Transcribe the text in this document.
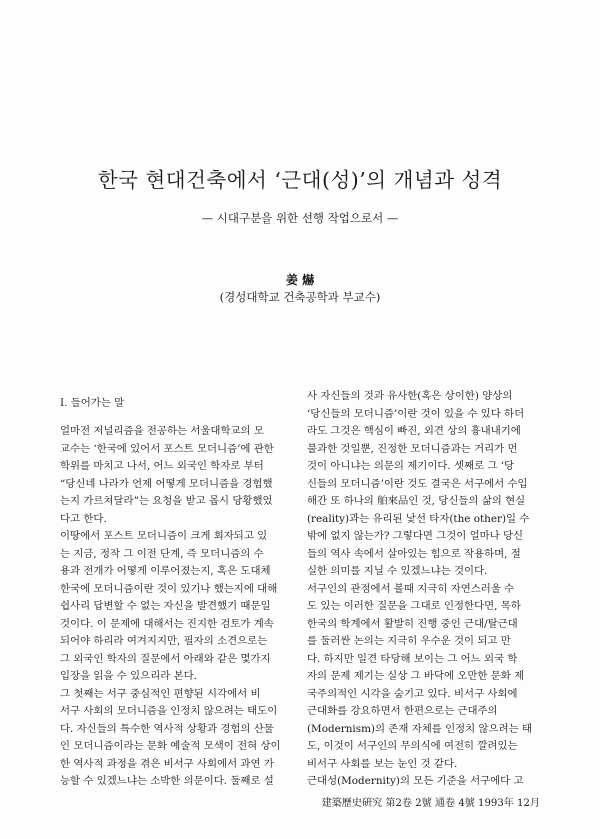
한국 현대건축에서 ‘근대(성)’의 개념과 성격
— 시대구분을 위한 선행 작업으로서 —
姜 爀
(경성대학교 건축공학과 부교수)
I. 들어가는 말
얼마전 저널리즘을 전공하는 서울대학교의 모
교수는 ‘한국에 있어서 포스트 모더니즘’에 관한
학위를 마치고 나서, 어느 외국인 학자로 부터
“당신네 나라가 언제 어떻게 모더니즘을 경험했
는지 가르쳐달라”는 요청을 받고 몹시 당황했었
다고 한다.
이땅에서 포스트 모더니즘이 크게 회자되고 있
는 지금, 정작 그 이전 단계, 즉 모더니즘의 수
용과 전개가 어떻게 이루어졌는지, 혹은 도대체
한국에 모더니즘이란 것이 있기나 했는지에 대해
쉽사리 답변할 수 없는 자신을 발견했기 때문일
것이다. 이 문제에 대해서는 진지한 검토가 계속
되어야 하리라 여겨지지만, 필자의 소견으로는
그 외국인 학자의 질문에서 아래와 같은 몇가지
입장을 읽을 수 있으리라 본다.
그 첫째는 서구 중심적인 편향된 시각에서 비
서구 사회의 모더니즘을 인정치 않으려는 태도이
다. 자신들의 특수한 역사적 상황과 경험의 산물
인 모더니즘이라는 문화 예술적 모색이 전혀 상이
한 역사적 과정을 겪은 비서구 사회에서 과연 가
능할 수 있겠느냐는 소박한 의문이다. 둘째로 설
사 자신들의 것과 유사한(혹은 상이한) 양상의
‘당신들의 모더니즘’이란 것이 있을 수 있다 하더
라도 그것은 핵심이 빠진, 외견 상의 흉내내기에
불과한 것일뿐, 진정한 모더니즘과는 거리가 먼
것이 아니냐는 의문의 제기이다. 셋째로 그 ‘당
신들의 모더니즘’이란 것도 결국은 서구에서 수입
해간 또 하나의 舶來品인 것, 당신들의 삶의 현실
(reality)과는 유리된 낯선 타자(the other)일 수
밖에 없지 않는가? 그렇다면 그것이 얼마나 당신
들의 역사 속에서 살아있는 힘으로 작용하며, 절
실한 의미를 지닐 수 있겠느냐는 것이다.
서구인의 관점에서 볼때 지극히 자연스러울 수
도 있는 이러한 질문을 그대로 인정한다면, 목하
한국의 학계에서 활발히 진행 중인 근대/탈근대
를 둘러싼 논의는 지극히 우수운 것이 되고 만
다. 하지만 일견 타당해 보이는 그 어느 외국 학
자의 문제 제기는 실상 그 바닥에 오만한 문화 제
국주의적인 시각을 숨기고 있다. 비서구 사회에
근대화를 강요하면서 한편으로는 근대주의
(Modernism)의 존재 자체를 인정치 않으려는 태
도, 이것이 서구인의 무의식에 여전히 깔려있는
비서구 사회를 보는 눈인 것 같다.
근대성(Modernity)의 모든 기준을 서구에다 고
建築歷史硏究 第2卷 2號 通卷 4號 1993年 12月
